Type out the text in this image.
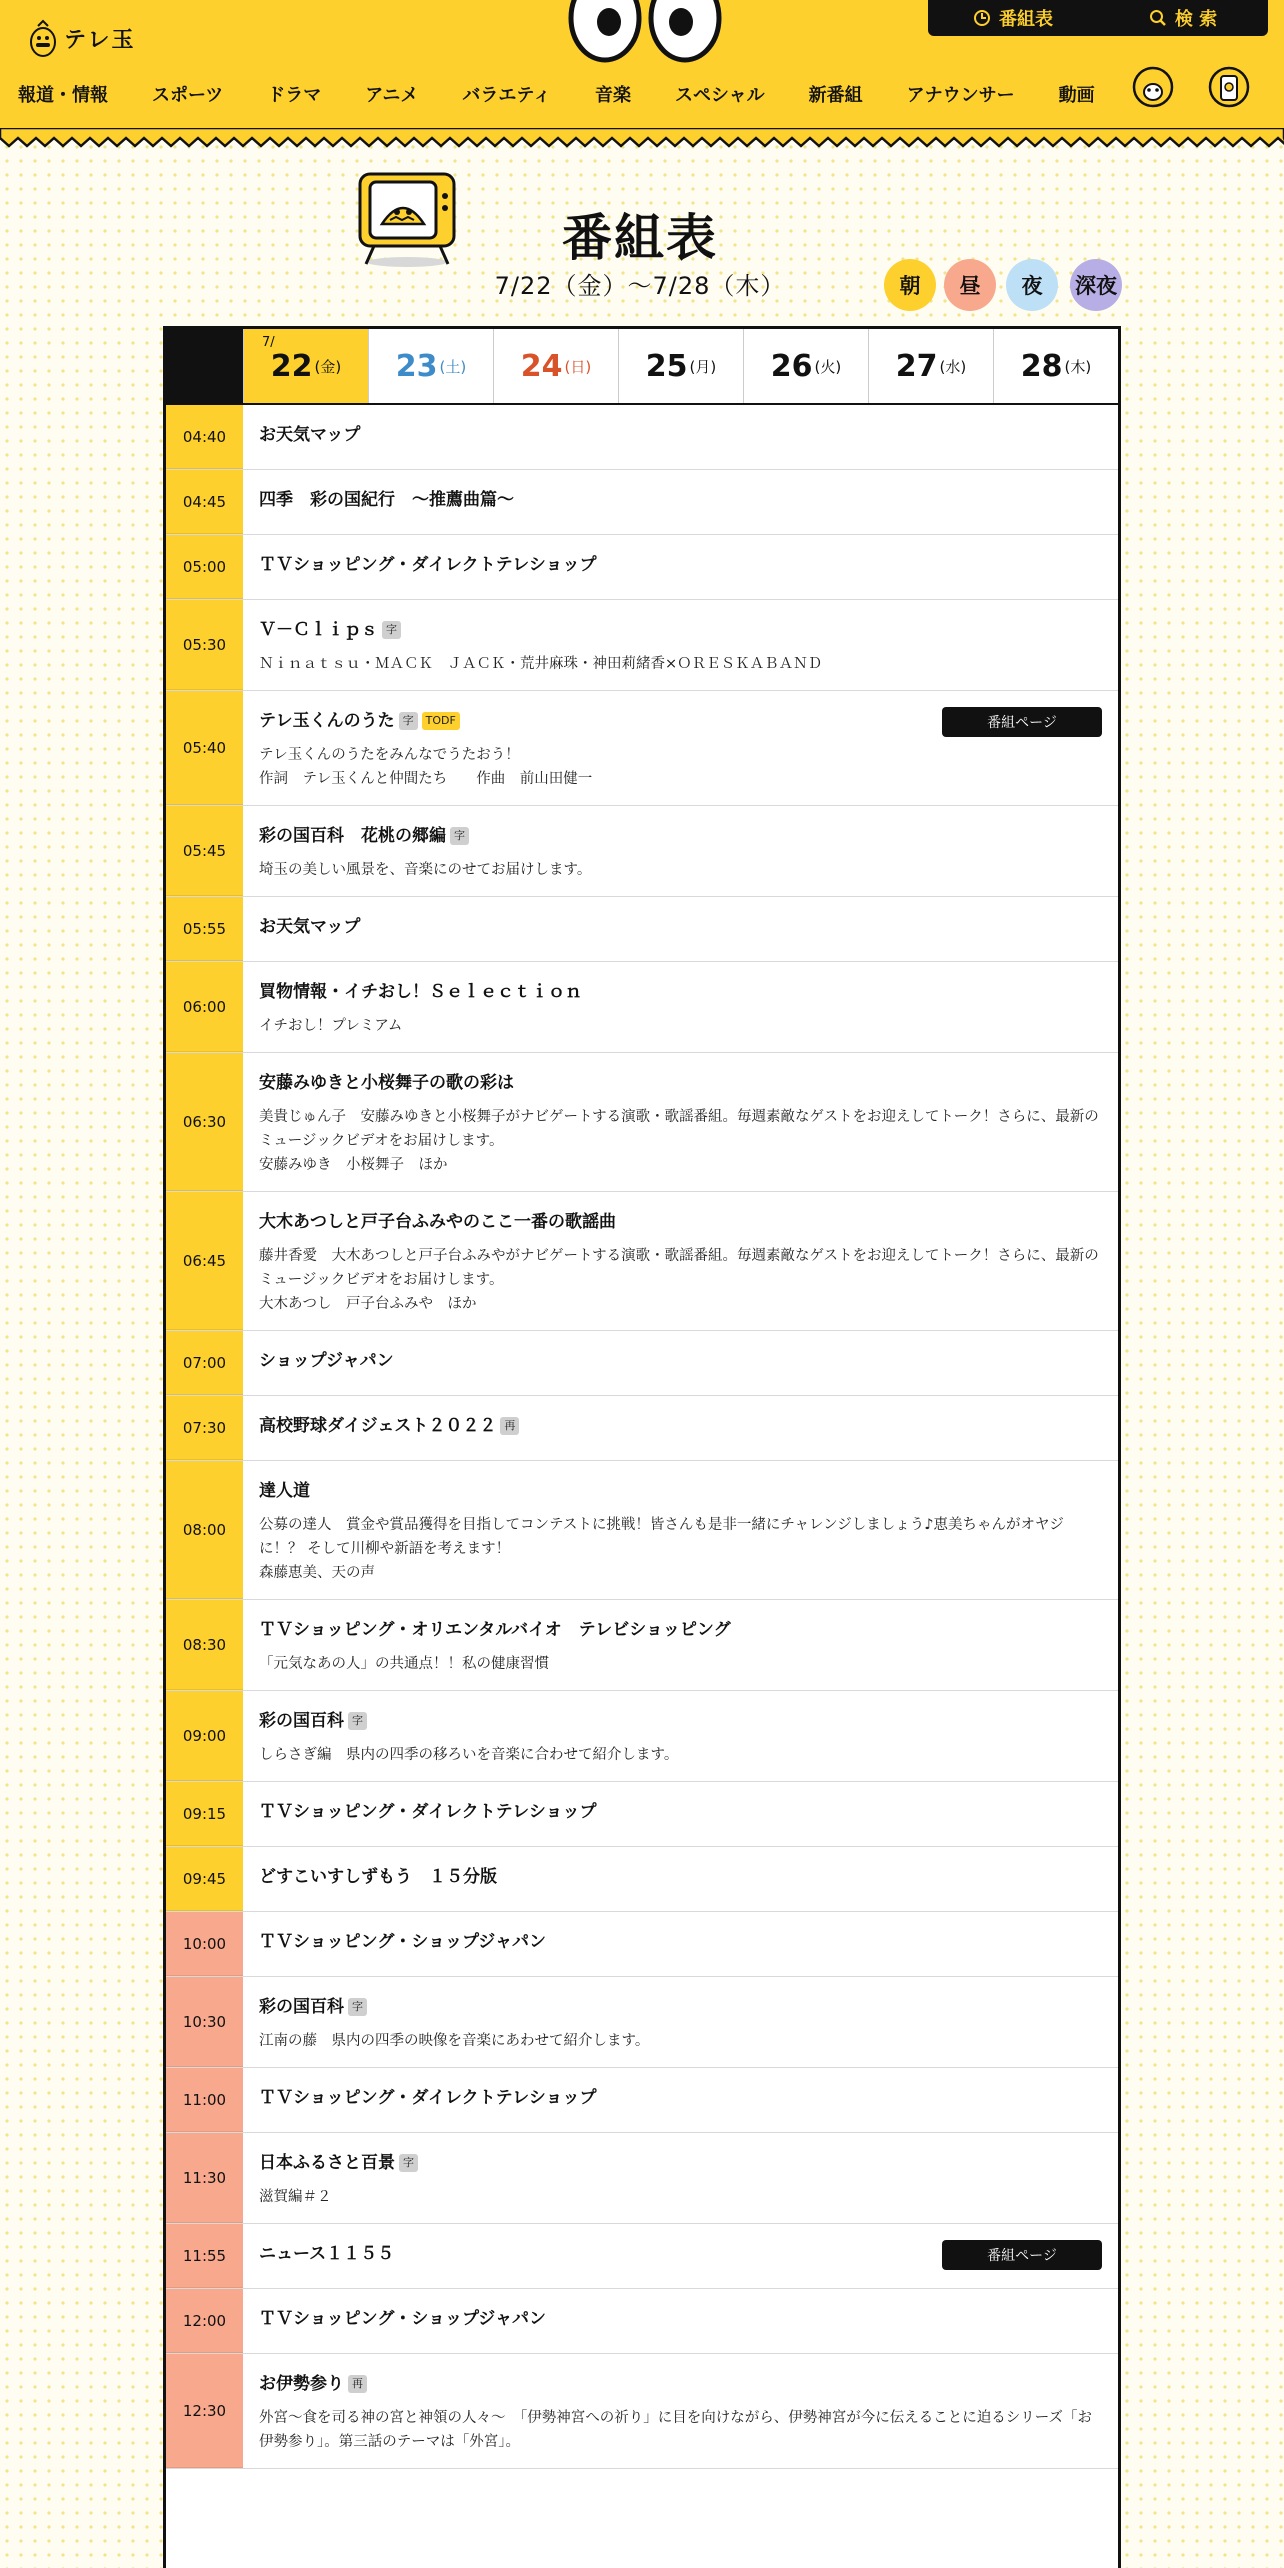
テレ玉
番組表	検 索
報道・情報 スポーツ ドラマ アニメ バラエティ 音楽 スペシャル 新番組 アナウンサー 動画
番組表
7/22（金）〜7/28（木）	朝	昼	夜	深夜
7/
22 (金) 23 (土) 24 (日) 25 (月) 26 (火) 27 (水) 28 (木)
04:40	お天気マップ
04:45	四季　彩の国紀行　～推薦曲篇～
05:00	ＴＶショッピング・ダイレクトテレショップ
05:30
Ｖ－Ｃｌｉｐｓ 字
Ｎｉｎａｔｓｕ・ＭＡＣＫ　ＪＡＣＫ・荒井麻珠・神田莉緒香×ＯＲＥＳＫＡＢＡＮＤ
05:40
テレ玉くんのうた 字	TODF
テレ玉くんのうたをみんなでうたおう！
作詞　テレ玉くんと仲間たち　　作曲　前山田健一
番組ページ
05:45
彩の国百科　花桃の郷編 字
埼玉の美しい風景を、音楽にのせてお届けします。
05:55	お天気マップ
06:00
買物情報・イチおし！Ｓｅｌｅｃｔｉｏｎ
イチおし！プレミアム
06:30
安藤みゆきと小桜舞子の歌の彩は
美貴じゅん子　安藤みゆきと小桜舞子がナビゲートする演歌・歌謡番組。毎週素敵なゲストをお迎えしてトーク！さらに、最新のミュージックビデオをお届けします。
安藤みゆき　小桜舞子　ほか
06:45
大木あつしと戸子台ふみやのここ一番の歌謡曲
藤井香愛　大木あつしと戸子台ふみやがナビゲートする演歌・歌謡番組。毎週素敵なゲストをお迎えしてトーク！さらに、最新のミュージックビデオをお届けします。
大木あつし　戸子台ふみや　ほか
07:00	ショップジャパン
07:30	高校野球ダイジェスト２０２２ 再
08:00
達人道
公募の達人　賞金や賞品獲得を目指してコンテストに挑戦！皆さんも是非一緒にチャレンジしましょう♪恵美ちゃんがオヤジに！？ そして川柳や新語を考えます！
森藤恵美、天の声
08:30
ＴＶショッピング・オリエンタルバイオ　テレビショッピング
「元気なあの人」の共通点！！私の健康習慣
09:00
彩の国百科 字
しらさぎ編　県内の四季の移ろいを音楽に合わせて紹介します。
09:15	ＴＶショッピング・ダイレクトテレショップ
09:45	どすこいすしずもう　１５分版
10:00	ＴＶショッピング・ショップジャパン
10:30
彩の国百科 字
江南の藤　県内の四季の映像を音楽にあわせて紹介します。
11:00	ＴＶショッピング・ダイレクトテレショップ
11:30
日本ふるさと百景 字
滋賀編＃２
11:55	ニュース１１５５	番組ページ
12:00	ＴＶショッピング・ショップジャパン
12:30
お伊勢参り 再
外宮～食を司る神の宮と神領の人々～　「伊勢神宮への祈り」に目を向けながら、伊勢神宮が今に伝えることに迫るシリーズ「お伊勢参り」。第三話のテーマは「外宮」。
